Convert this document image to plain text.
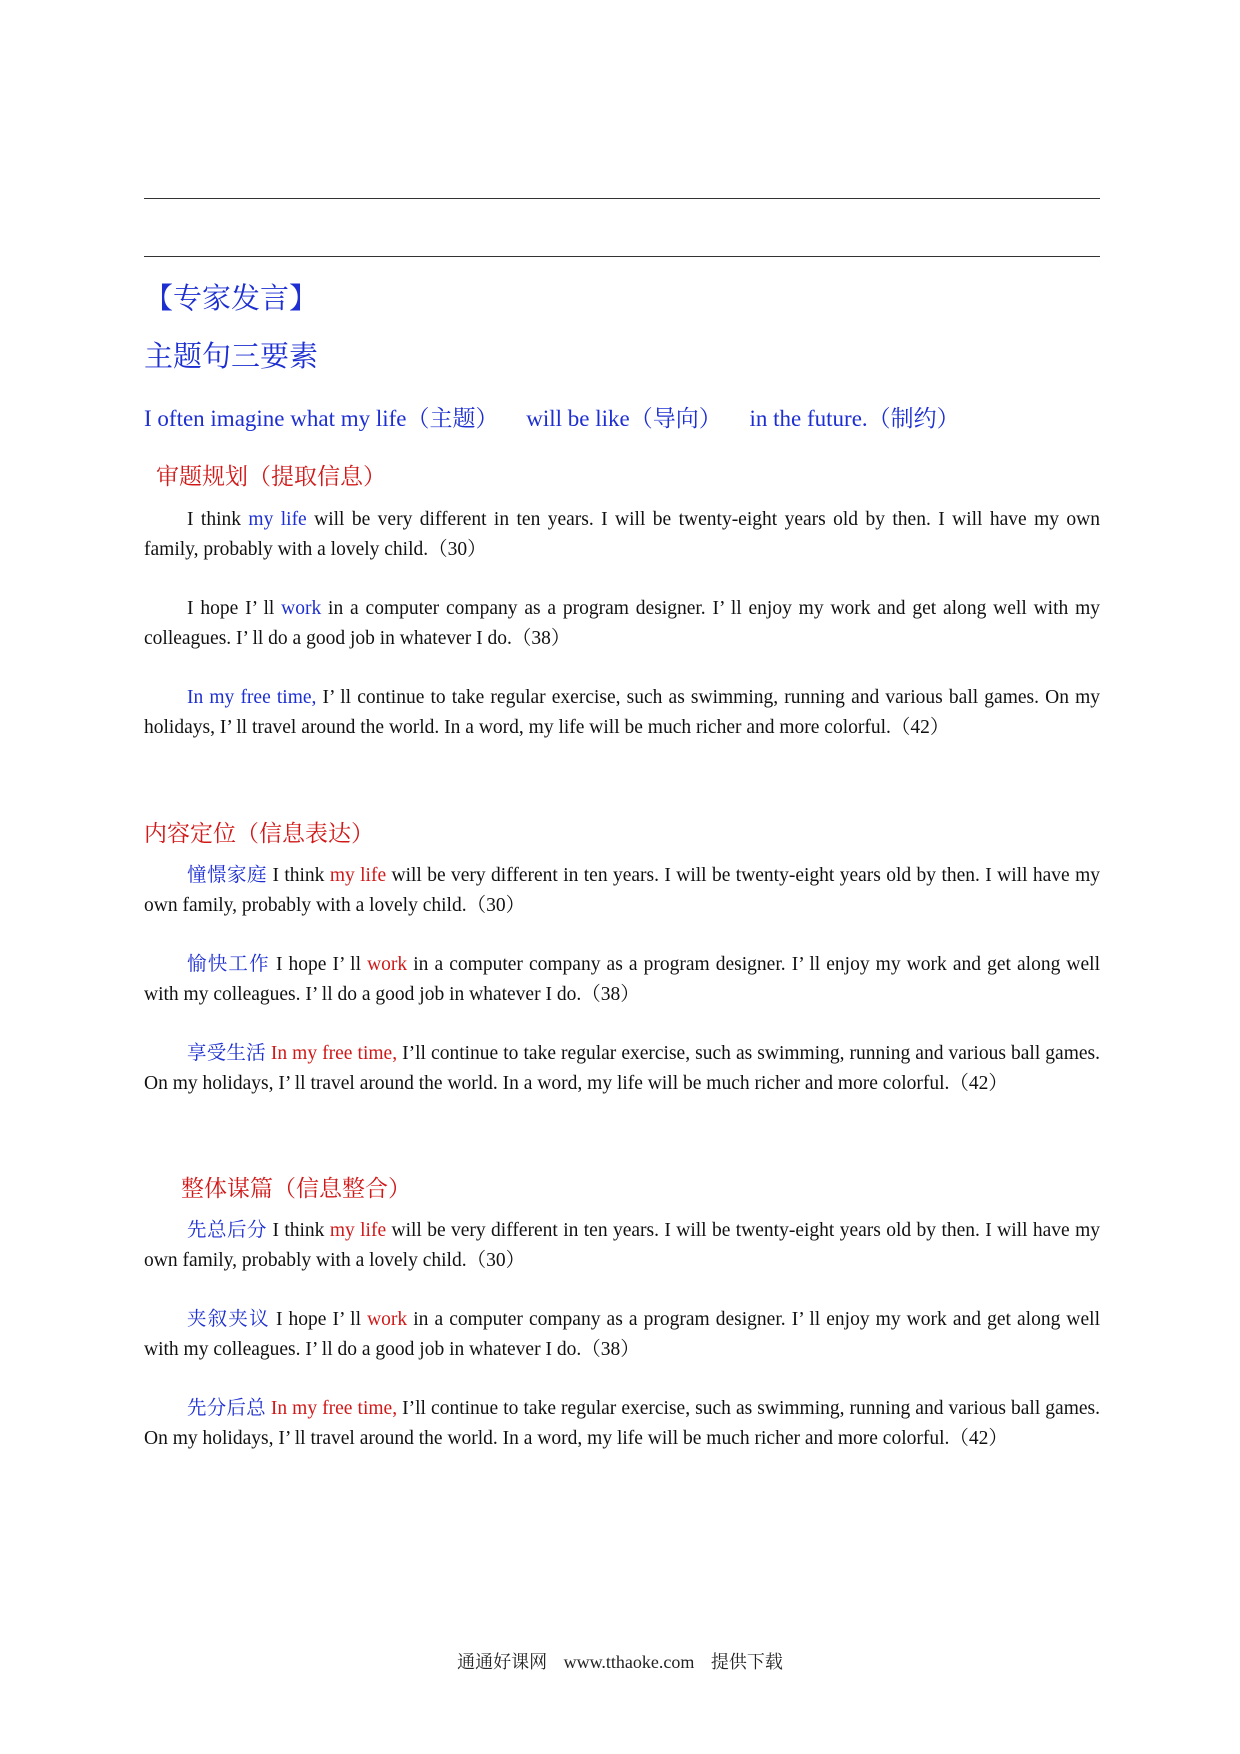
【专家发言】
主题句三要素
I often imagine what my life（主题） will be like（导向） in the future.（制约）
审题规划（提取信息）

I think my life will be very different in ten years. I will be twenty-eight years old by then. I will have my own family, probably with a lovely child.（30）

I hope I’ ll work in a computer company as a program designer. I’ ll enjoy my work and get along well with my colleagues. I’ ll do a good job in whatever I do.（38）

In my free time, I’ ll continue to take regular exercise, such as swimming, running and various ball games. On my holidays, I’ ll travel around the world. In a word, my life will be much richer and more colorful.（42）

内容定位（信息表达）

憧憬家庭 I think my life will be very different in ten years. I will be twenty-eight years old by then. I will have my own family, probably with a lovely child.（30）

愉快工作 I hope I’ ll work in a computer company as a program designer. I’ ll enjoy my work and get along well with my colleagues. I’ ll do a good job in whatever I do.（38）

享受生活 In my free time, I’ll continue to take regular exercise, such as swimming, running and various ball games. On my holidays, I’ ll travel around the world. In a word, my life will be much richer and more colorful.（42）

整体谋篇（信息整合）

先总后分 I think my life will be very different in ten years. I will be twenty-eight years old by then. I will have my own family, probably with a lovely child.（30）

夹叙夹议 I hope I’ ll work in a computer company as a program designer. I’ ll enjoy my work and get along well with my colleagues. I’ ll do a good job in whatever I do.（38）

先分后总 In my free time, I’ll continue to take regular exercise, such as swimming, running and various ball games. On my holidays, I’ ll travel around the world. In a word, my life will be much richer and more colorful.（42）

通通好课网 www.tthaoke.com 提供下载
